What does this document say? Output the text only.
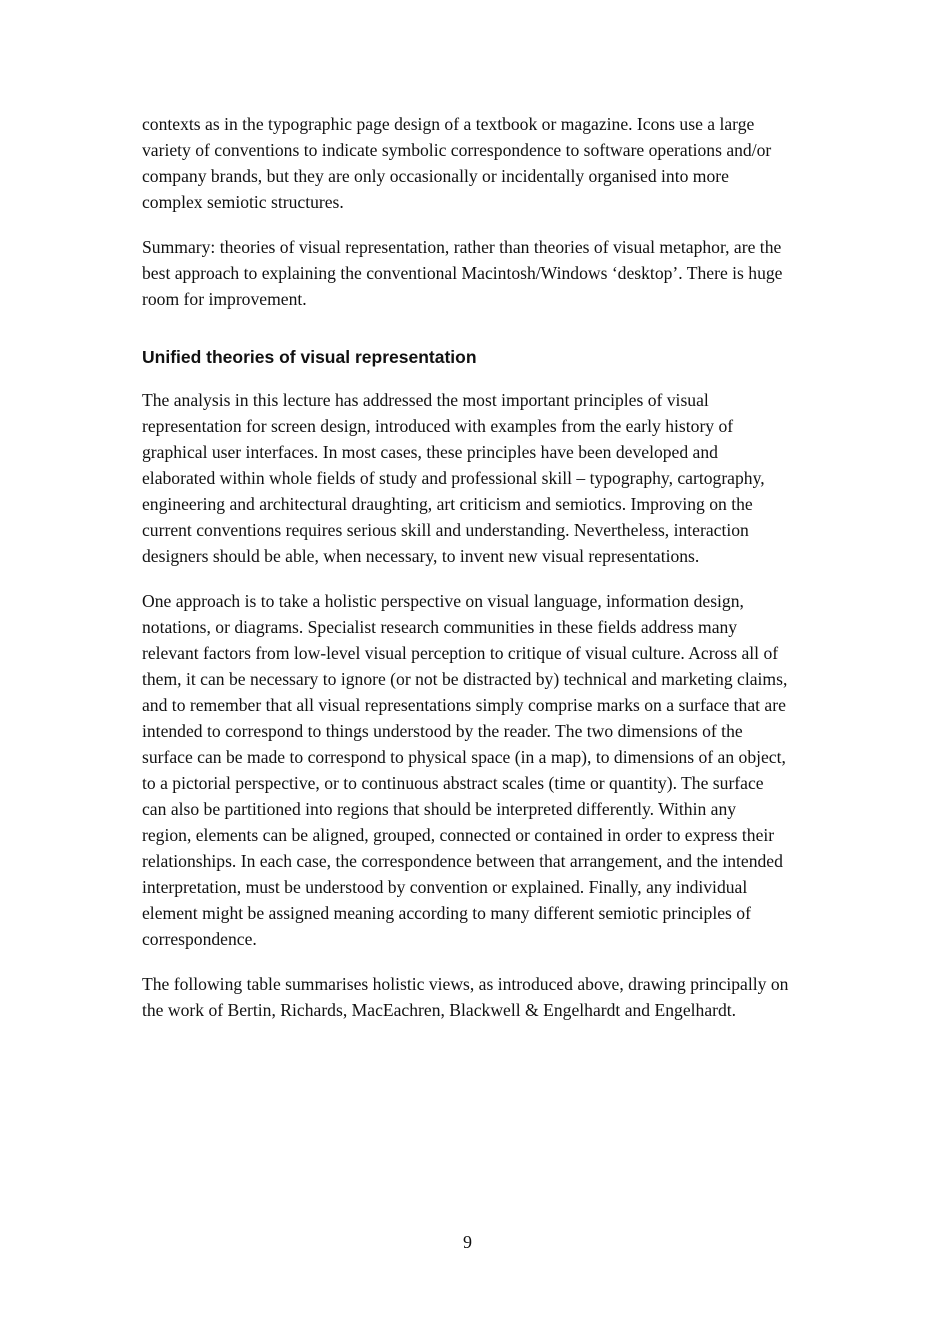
contexts as in the typographic page design of a textbook or magazine. Icons use a large
variety of conventions to indicate symbolic correspondence to software operations and/or
company brands, but they are only occasionally or incidentally organised into more
complex semiotic structures.

Summary: theories of visual representation, rather than theories of visual metaphor, are the
best approach to explaining the conventional Macintosh/Windows ‘desktop’. There is huge
room for improvement.

Unified theories of visual representation

The analysis in this lecture has addressed the most important principles of visual
representation for screen design, introduced with examples from the early history of
graphical user interfaces. In most cases, these principles have been developed and
elaborated within whole fields of study and professional skill – typography, cartography,
engineering and architectural draughting, art criticism and semiotics. Improving on the
current conventions requires serious skill and understanding. Nevertheless, interaction
designers should be able, when necessary, to invent new visual representations.

One approach is to take a holistic perspective on visual language, information design,
notations, or diagrams. Specialist research communities in these fields address many
relevant factors from low-level visual perception to critique of visual culture. Across all of
them, it can be necessary to ignore (or not be distracted by) technical and marketing claims,
and to remember that all visual representations simply comprise marks on a surface that are
intended to correspond to things understood by the reader. The two dimensions of the
surface can be made to correspond to physical space (in a map), to dimensions of an object,
to a pictorial perspective, or to continuous abstract scales (time or quantity). The surface
can also be partitioned into regions that should be interpreted differently. Within any
region, elements can be aligned, grouped, connected or contained in order to express their
relationships. In each case, the correspondence between that arrangement, and the intended
interpretation, must be understood by convention or explained. Finally, any individual
element might be assigned meaning according to many different semiotic principles of
correspondence.

The following table summarises holistic views, as introduced above, drawing principally on
the work of Bertin, Richards, MacEachren, Blackwell & Engelhardt and Engelhardt.

9
